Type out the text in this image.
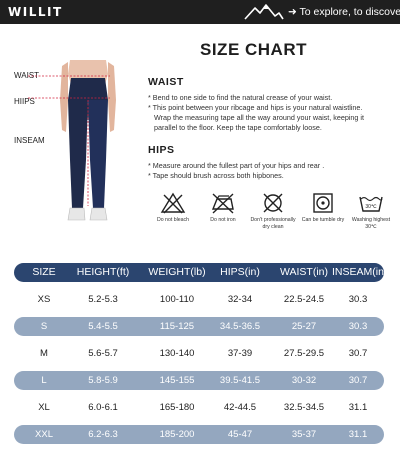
WILLIT	➜ To explore, to discover
SIZE CHART
WAIST
HIIPS
INSEAM
WAIST

* Bend to one side to find the natural crease of your waist.

* This point between your ribcage and hips is your natural waistline.

Wrap the measuring tape all the way around your waist, keeping it

parallel to the floor. Keep the tape comfortably loose.

HIPS

* Measure around the fullest part of your hips and rear .

* Tape should brush across both hipbones.

Do not bleach	Do not iron	Don't professionally dry clean
Can be tumble dry
30℃
Washing highest 30℃
SIZE	HEIGHT(ft)	WEIGHT(lb)	HIPS(in)	WAIST(in) INSEAM(in)
XS	5.2-5.3	100-110	32-34	22.5-24.5	30.3
S	5.4-5.5	115-125	34.5-36.5	25-27	30.3
M	5.6-5.7	130-140	37-39	27.5-29.5	30.7
L	5.8-5.9	145-155	39.5-41.5	30-32	30.7
XL	6.0-6.1	165-180	42-44.5	32.5-34.5	31.1
XXL	6.2-6.3	185-200	45-47	35-37	31.1
